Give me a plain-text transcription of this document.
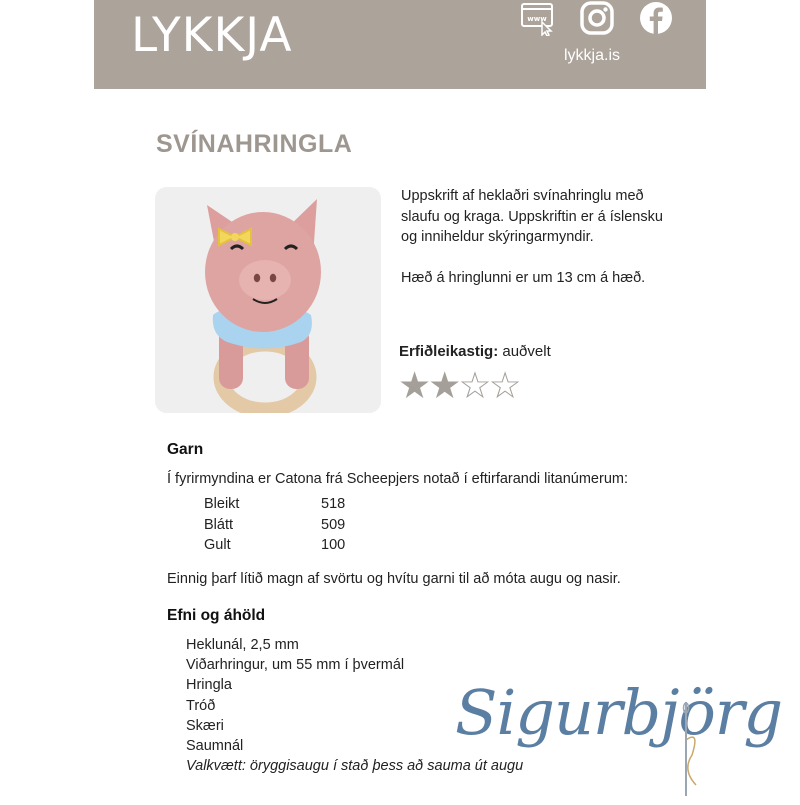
LYKKJA	www
lykkja.is
SVÍNAHRINGLA

Uppskrift af heklaðri svínahringlu með slaufu og kraga. Uppskriftin er á íslensku og inniheldur skýringarmyndir.

Hæð á hringlunni er um 13 cm á hæð.

Erfiðleikastig: auðvelt
★★☆☆
Garn
Í fyrirmyndina er Catona frá Scheepjers notað í eftirfarandi litanúmerum:
Bleikt	518
Blátt	509
Gult	100
Einnig þarf lítið magn af svörtu og hvítu garni til að móta augu og nasir.
Efni og áhöld
Heklunál, 2,5 mm
Viðarhringur, um 55 mm í þvermál
Hringla
Tróð
Skæri
Saumnál
Valkvætt: öryggisaugu í stað þess að sauma út augu
Sigurbjörg
